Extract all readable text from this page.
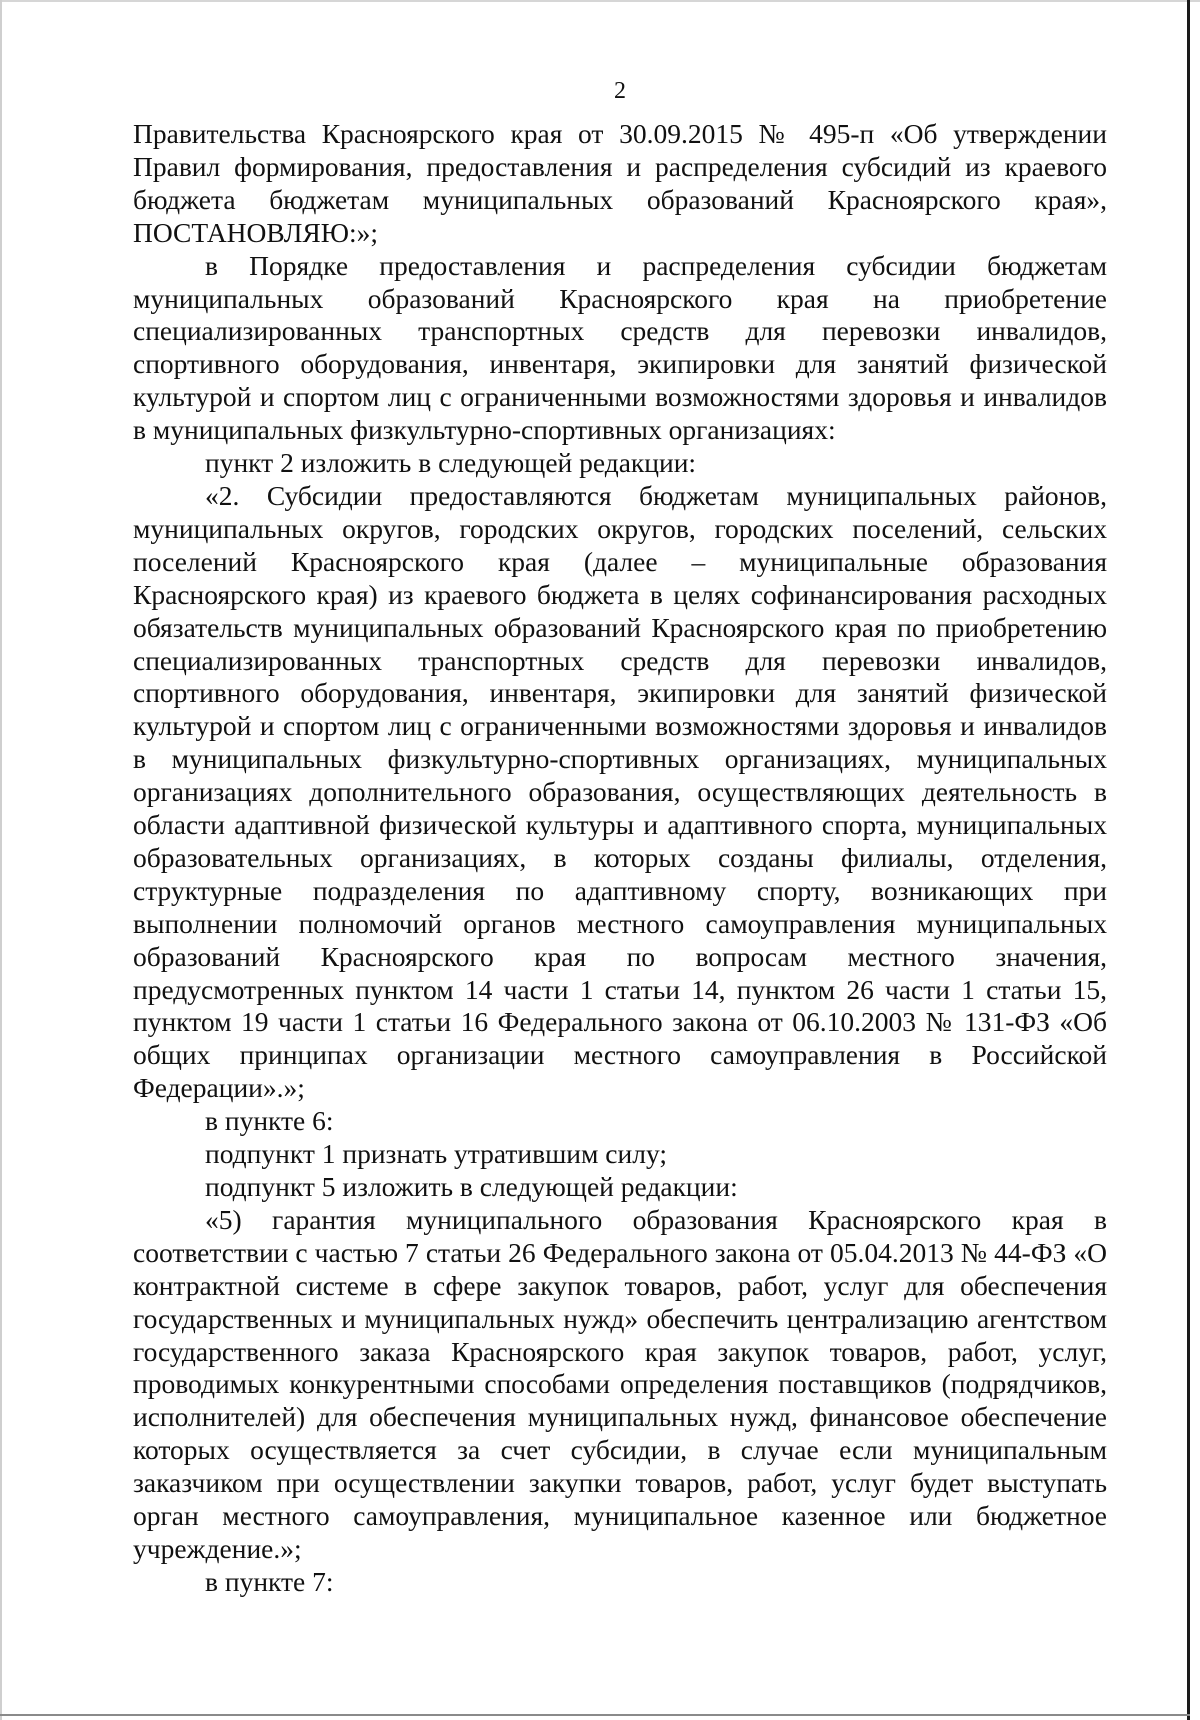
2

Правительства Красноярского края от 30.09.2015 № 495-п «Об утверждении Правил формирования, предоставления и распределения субсидий из краевого бюджета бюджетам муниципальных образований Красноярского края», ПОСТАНОВЛЯЮ:»;

в Порядке предоставления и распределения субсидии бюджетам муниципальных образований Красноярского края на приобретение специализированных транспортных средств для перевозки инвалидов, спортивного оборудования, инвентаря, экипировки для занятий физической культурой и спортом лиц с ограниченными возможностями здоровья и инвалидов в муниципальных физкультурно-спортивных организациях:

пункт 2 изложить в следующей редакции:

«2. Субсидии предоставляются бюджетам муниципальных районов, муниципальных округов, городских округов, городских поселений, сельских поселений Красноярского края (далее – муниципальные образования Красноярского края) из краевого бюджета в целях софинансирования расходных обязательств муниципальных образований Красноярского края по приобретению специализированных транспортных средств для перевозки инвалидов, спортивного оборудования, инвентаря, экипировки для занятий физической культурой и спортом лиц с ограниченными возможностями здоровья и инвалидов в муниципальных физкультурно-спортивных организациях, муниципальных организациях дополнительного образования, осуществляющих деятельность в области адаптивной физической культуры и адаптивного спорта, муниципальных образовательных организациях, в которых созданы филиалы, отделения, структурные подразделения по адаптивному спорту, возникающих при выполнении полномочий органов местного самоуправления муниципальных образований Красноярского края по вопросам местного значения, предусмотренных пунктом 14 части 1 статьи 14, пунктом 26 части 1 статьи 15, пунктом 19 части 1 статьи 16 Федерального закона от 06.10.2003 № 131-ФЗ «Об общих принципах организации местного самоуправления в Российской Федерации».»;

в пункте 6:

подпункт 1 признать утратившим силу;

подпункт 5 изложить в следующей редакции:

«5) гарантия муниципального образования Красноярского края в соответствии с частью 7 статьи 26 Федерального закона от 05.04.2013 № 44-ФЗ «О контрактной системе в сфере закупок товаров, работ, услуг для обеспечения государственных и муниципальных нужд» обеспечить централизацию агентством государственного заказа Красноярского края закупок товаров, работ, услуг, проводимых конкурентными способами определения поставщиков (подрядчиков, исполнителей) для обеспечения муниципальных нужд, финансовое обеспечение которых осуществляется за счет субсидии, в случае если муниципальным заказчиком при осуществлении закупки товаров, работ, услуг будет выступать орган местного самоуправления, муниципальное казенное или бюджетное учреждение.»;

в пункте 7:
